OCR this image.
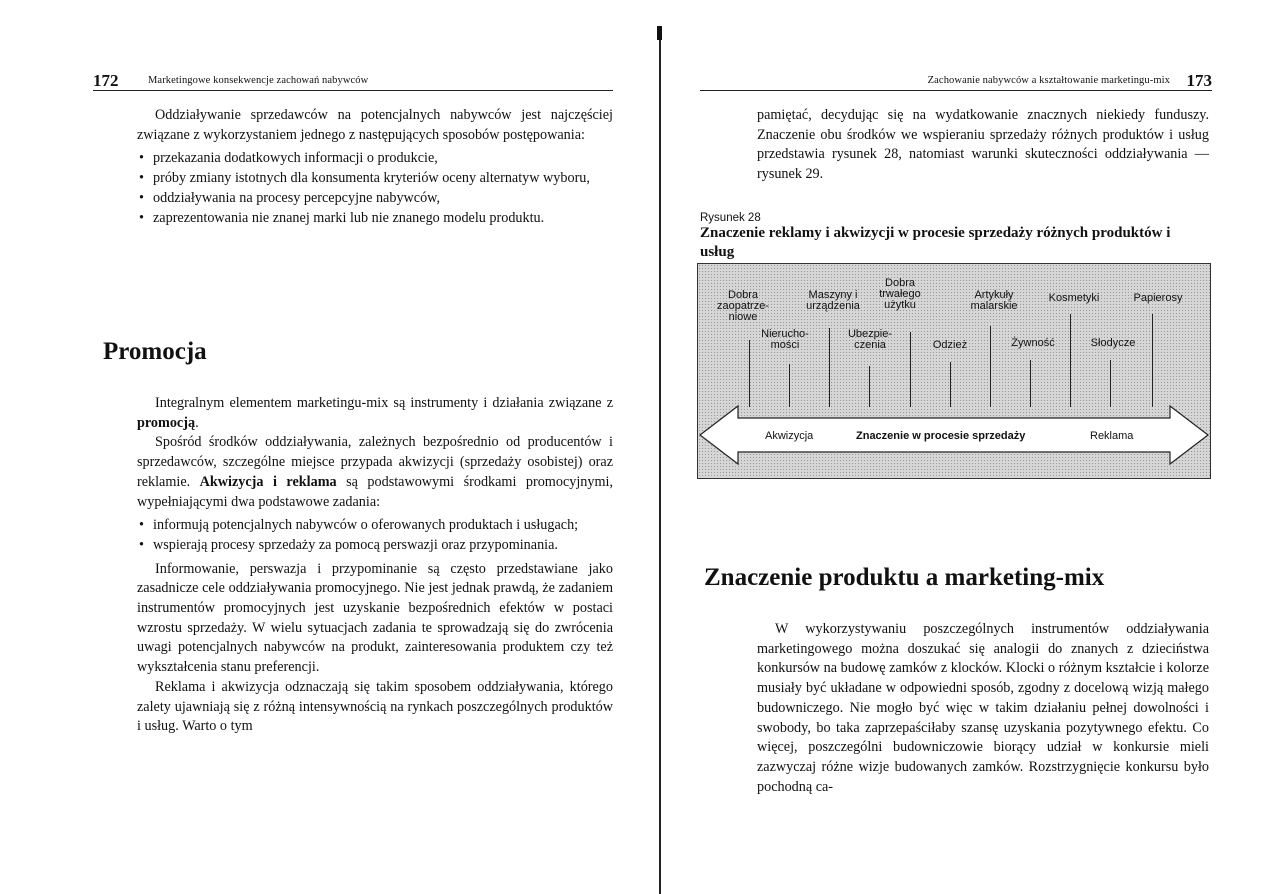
172	Marketingowe konsekwencje zachowań nabywców

Oddziaływanie sprzedawców na potencjalnych nabywców jest najczęściej związane z wykorzystaniem jednego z następujących sposobów postępowania:

• przekazania dodatkowych informacji o produkcie,
• próby zmiany istotnych dla konsumenta kryteriów oceny alternatyw wyboru,
• oddziaływania na procesy percepcyjne nabywców,
• zaprezentowania nie znanej marki lub nie znanego modelu produktu.
Promocja

Integralnym elementem marketingu-mix są instrumenty i działania związane z promocją.

Spośród środków oddziaływania, zależnych bezpośrednio od producentów i sprzedawców, szczególne miejsce przypada akwizycji (sprzedaży osobistej) oraz reklamie. Akwizycja i reklama są podstawowymi środkami promocyjnymi, wypełniającymi dwa podstawowe zadania:

• informują potencjalnych nabywców o oferowanych produktach i usługach;
• wspierają procesy sprzedaży za pomocą perswazji oraz przypominania.

Informowanie, perswazja i przypominanie są często przedstawiane jako zasadnicze cele oddziaływania promocyjnego. Nie jest jednak prawdą, że zadaniem instrumentów promocyjnych jest uzyskanie bezpośrednich efektów w postaci wzrostu sprzedaży. W wielu sytuacjach zadania te sprowadzają się do zwrócenia uwagi potencjalnych nabywców na produkt, zainteresowania produktem czy też wykształcenia stanu preferencji.

Reklama i akwizycja odznaczają się takim sposobem oddziaływania, którego zalety ujawniają się z różną intensywnością na rynkach poszczególnych produktów i usług. Warto o tym

Zachowanie nabywców a kształtowanie marketingu-mix 173

pamiętać, decydując się na wydatkowanie znacznych niekiedy funduszy. Znaczenie obu środków we wspieraniu sprzedaży różnych produktów i usług przedstawia rysunek 28, natomiast warunki skuteczności oddziaływania — rysunek 29.

Rysunek 28
Znaczenie reklamy i akwizycji w procesie sprzedaży różnych produktów i usług
Dobra zaopatrze- niowe
Maszyny i urządzenia
Dobra trwałego użytku
Artykuły malarskie
Kosmetyki	Papierosy
Nierucho- mości
Ubezpie- czenia	Odzież	Żywność	Słodycze
Akwizycja	Znaczenie w procesie sprzedaży	Reklama
Znaczenie produktu a marketing-mix

W wykorzystywaniu poszczególnych instrumentów oddziaływania marketingowego można doszukać się analogii do znanych z dzieciństwa konkursów na budowę zamków z klocków. Klocki o różnym kształcie i kolorze musiały być układane w odpowiedni sposób, zgodny z docelową wizją małego budowniczego. Nie mogło być więc w takim działaniu pełnej dowolności i swobody, bo taka zaprzepaściłaby szansę uzyskania pozytywnego efektu. Co więcej, poszczególni budowniczowie biorący udział w konkursie mieli zazwyczaj różne wizje budowanych zamków. Rozstrzygnięcie konkursu było pochodną ca-
